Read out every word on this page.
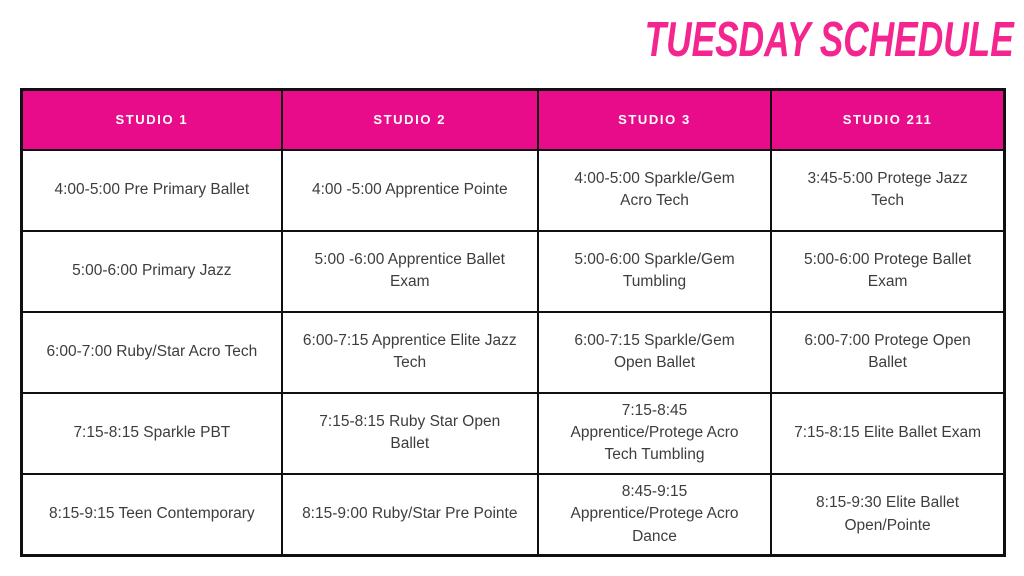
TUESDAY SCHEDULE
STUDIO 1	STUDIO 2	STUDIO 3	STUDIO 211
4:00-5:00 Pre Primary Ballet	4:00 -5:00 Apprentice Pointe	4:00-5:00 Sparkle/Gem Acro Tech	3:45-5:00 Protege Jazz Tech
5:00-6:00 Primary Jazz	5:00 -6:00 Apprentice Ballet Exam	5:00-6:00 Sparkle/Gem Tumbling	5:00-6:00 Protege Ballet Exam
6:00-7:00 Ruby/Star Acro Tech	6:00-7:15 Apprentice Elite Jazz Tech	6:00-7:15 Sparkle/Gem Open Ballet	6:00-7:00 Protege Open Ballet
7:15-8:15 Sparkle PBT	7:15-8:15 Ruby Star Open Ballet	7:15-8:45 Apprentice/Protege Acro Tech Tumbling	7:15-8:15 Elite Ballet Exam
8:15-9:15 Teen Contemporary	8:15-9:00 Ruby/Star Pre Pointe	8:45-9:15 Apprentice/Protege Acro Dance	8:15-9:30 Elite Ballet Open/Pointe
